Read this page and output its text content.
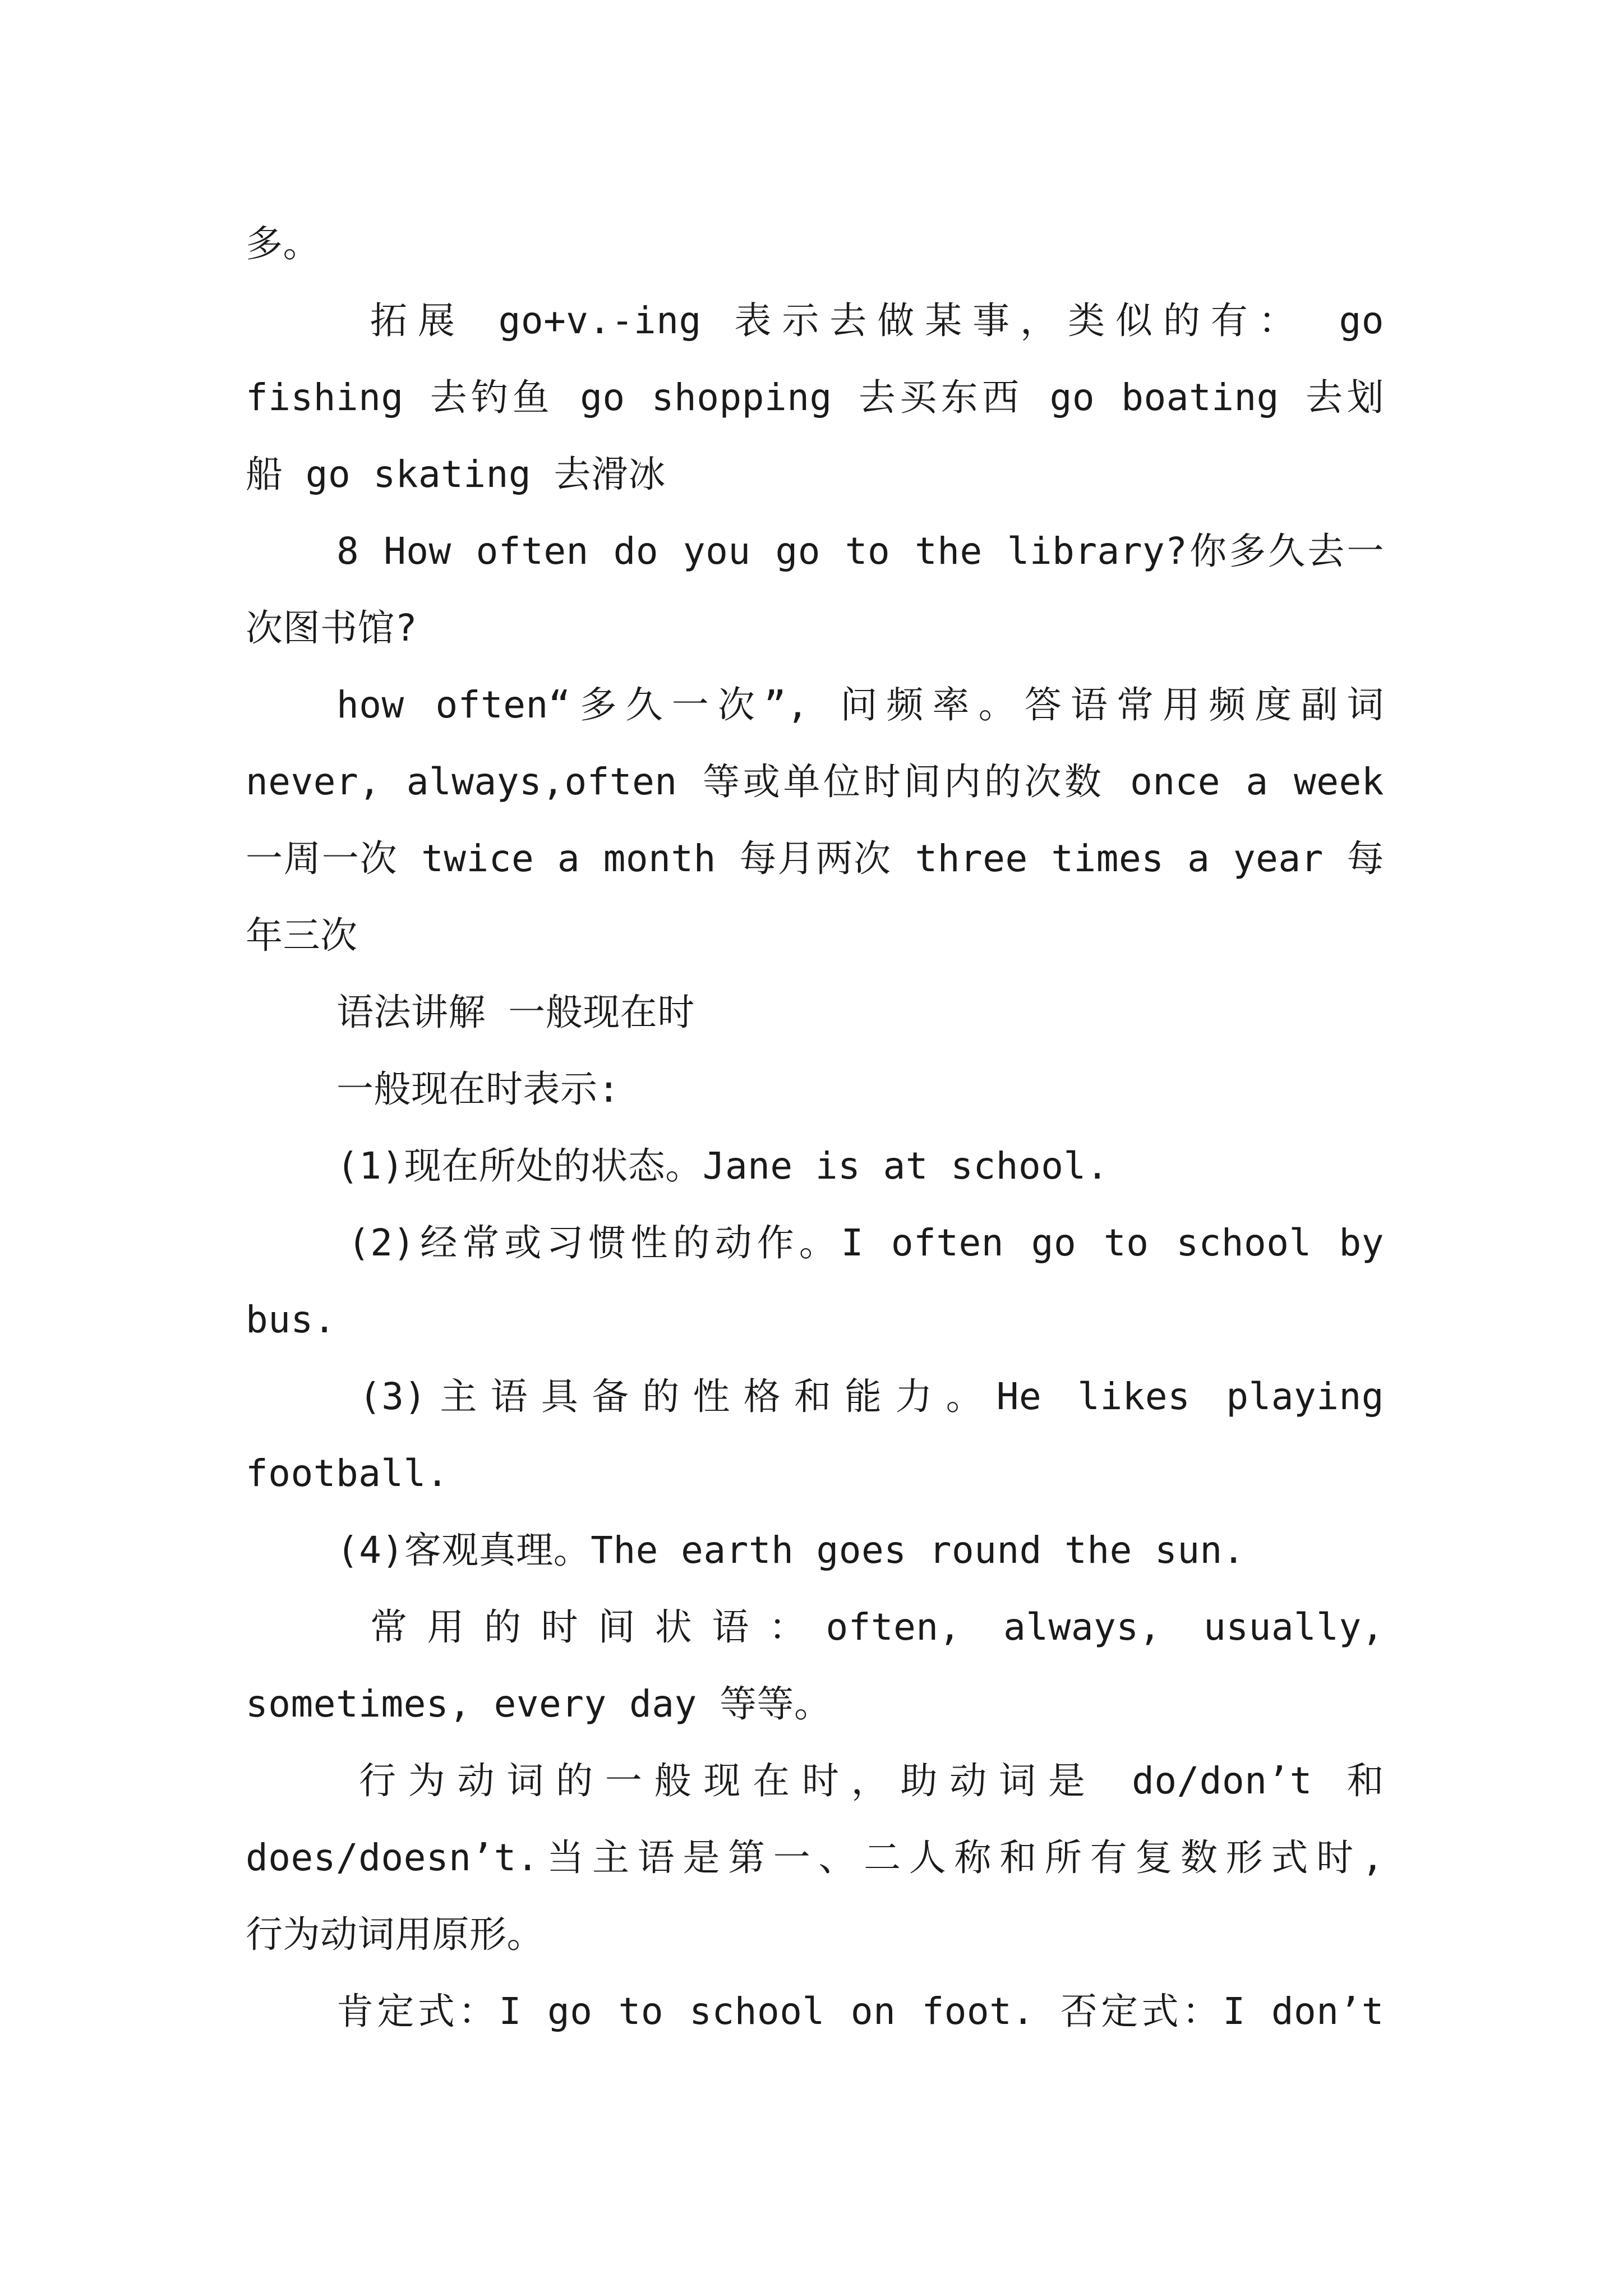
多。
拓展 go+v.-ing 表示去做某事，类似的有： go
fishing 去钓鱼 go shopping 去买东西 go boating 去划
船 go skating 去滑冰
8 How often do you go to the library?你多久去一
次图书馆?
how often“多久一次”, 问频率。答语常用频度副词
never, always,often 等或单位时间内的次数 once a week
一周一次 twice a month 每月两次 three times a year 每
年三次
语法讲解 一般现在时
一般现在时表示:
(1)现在所处的状态。Jane is at school.
(2)经常或习惯性的动作。I often go to school by
bus.
(3)主语具备的性格和能力。He likes playing
football.
(4)客观真理。The earth goes round the sun.
常用的时间状语：often, always, usually,
sometimes, every day 等等。
行为动词的一般现在时，助动词是 do/don’t 和
does/doesn’t.当主语是第一、二人称和所有复数形式时,
行为动词用原形。
肯定式：I go to school on foot. 否定式：I don’t
